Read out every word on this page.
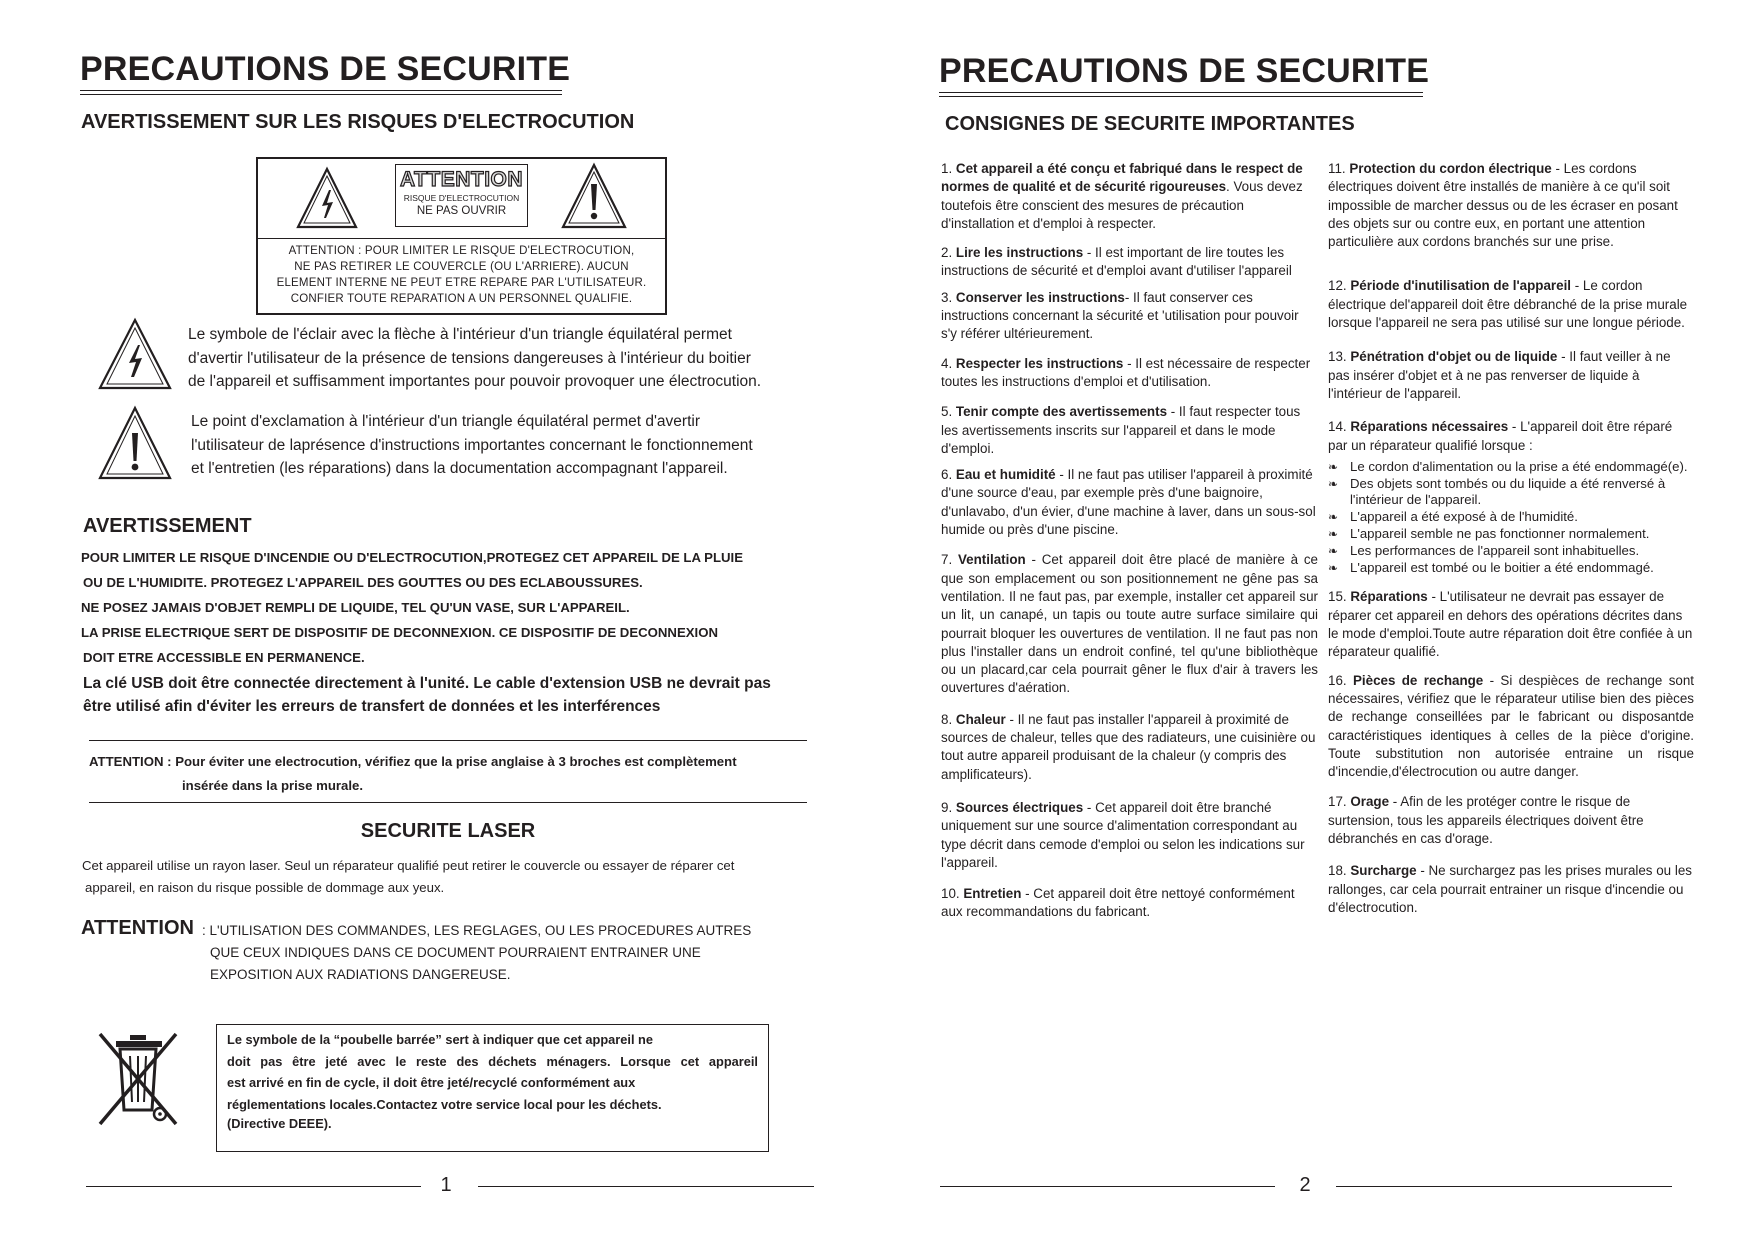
PRECAUTIONS DE SECURITE
AVERTISSEMENT SUR LES RISQUES D'ELECTROCUTION
ATTENTION
RISQUE D'ELECTROCUTION
NE PAS OUVRIR
ATTENTION : POUR LIMITER LE RISQUE D'ELECTROCUTION,
NE PAS RETIRER LE COUVERCLE (OU L'ARRIERE). AUCUN
ELEMENT INTERNE NE PEUT ETRE REPARE PAR L'UTILISATEUR.
CONFIER TOUTE REPARATION A UN PERSONNEL QUALIFIE.
Le symbole de l'éclair avec la flèche à l'intérieur d'un triangle équilatéral permet
d'avertir l'utilisateur de la présence de tensions dangereuses à l'intérieur du boitier
de l'appareil et suffisamment importantes pour pouvoir provoquer une électrocution.
Le point d'exclamation à l'intérieur d'un triangle équilatéral permet d'avertir
l'utilisateur de laprésence d'instructions importantes concernant le fonctionnement
et l'entretien (les réparations) dans la documentation accompagnant l'appareil.
AVERTISSEMENT
POUR LIMITER LE RISQUE D'INCENDIE OU D'ELECTROCUTION,PROTEGEZ CET APPAREIL DE LA PLUIE
OU DE L'HUMIDITE. PROTEGEZ L'APPAREIL DES GOUTTES OU DES ECLABOUSSURES.
NE POSEZ JAMAIS D'OBJET REMPLI DE LIQUIDE, TEL QU'UN VASE, SUR L'APPAREIL.
LA PRISE ELECTRIQUE SERT DE DISPOSITIF DE DECONNEXION. CE DISPOSITIF DE DECONNEXION
DOIT ETRE ACCESSIBLE EN PERMANENCE.
La clé USB doit être connectée directement à l'unité. Le cable d'extension USB ne devrait pas
être utilisé afin d'éviter les erreurs de transfert de données et les interférences
ATTENTION : Pour éviter une electrocution, vérifiez que la prise anglaise à 3 broches est complètement
insérée dans la prise murale.
SECURITE LASER
Cet appareil utilise un rayon laser. Seul un réparateur qualifié peut retirer le couvercle ou essayer de réparer cet
appareil, en raison du risque possible de dommage aux yeux.
ATTENTION : L'UTILISATION DES COMMANDES, LES REGLAGES, OU LES PROCEDURES AUTRES
QUE CEUX INDIQUES DANS CE DOCUMENT POURRAIENT ENTRAINER UNE
EXPOSITION AUX RADIATIONS DANGEREUSE.
Le symbole de la “poubelle barrée” sert à indiquer que cet appareil ne
doit pas être jeté avec le reste des déchets ménagers. Lorsque cet appareil
est arrivé en fin de cycle, il doit être jeté/recyclé conformément aux
réglementations locales.Contactez votre service local pour les déchets.
(Directive DEEE).
1
PRECAUTIONS DE SECURITE
CONSIGNES DE SECURITE IMPORTANTES
1. Cet appareil a été conçu et fabriqué dans le respect de normes de qualité et de sécurité rigoureuses. Vous devez toutefois être conscient des mesures de précaution d'installation et d'emploi à respecter.
2. Lire les instructions - Il est important de lire toutes les instructions de sécurité et d'emploi avant d'utiliser l'appareil
3. Conserver les instructions- Il faut conserver ces instructions concernant la sécurité et 'utilisation pour pouvoir s'y référer ultérieurement.
4. Respecter les instructions - Il est nécessaire de respecter toutes les instructions d'emploi et d'utilisation.
5. Tenir compte des avertissements - Il faut respecter tous les avertissements inscrits sur l'appareil et dans le mode d'emploi.
6. Eau et humidité - Il ne faut pas utiliser l'appareil à proximité d'une source d'eau, par exemple près d'une baignoire, d'unlavabo, d'un évier, d'une machine à laver, dans un sous-sol humide ou près d'une piscine.
7. Ventilation - Cet appareil doit être placé de manière à ce que son emplacement ou son positionnement ne gêne pas sa ventilation. Il ne faut pas, par exemple, installer cet appareil sur un lit, un canapé, un tapis ou toute autre surface similaire qui pourrait bloquer les ouvertures de ventilation. Il ne faut pas non plus l'installer dans un endroit confiné, tel qu'une bibliothèque ou un placard,car cela pourrait gêner le flux d'air à travers les ouvertures d'aération.
8. Chaleur - Il ne faut pas installer l'appareil à proximité de sources de chaleur, telles que des radiateurs, une cuisinière ou tout autre appareil produisant de la chaleur (y compris des amplificateurs).
9. Sources électriques - Cet appareil doit être branché uniquement sur une source d'alimentation correspondant au type décrit dans cemode d'emploi ou selon les indications sur l'appareil.
10. Entretien - Cet appareil doit être nettoyé conformément aux recommandations du fabricant.
11. Protection du cordon électrique - Les cordons électriques doivent être installés de manière à ce qu'il soit impossible de marcher dessus ou de les écraser en posant des objets sur ou contre eux, en portant une attention particulière aux cordons branchés sur une prise.
12. Période d'inutilisation de l'appareil - Le cordon électrique del'appareil doit être débranché de la prise murale lorsque l'appareil ne sera pas utilisé sur une longue période.
13. Pénétration d'objet ou de liquide - Il faut veiller à ne pas insérer d'objet et à ne pas renverser de liquide à l'intérieur de l'appareil.
14. Réparations nécessaires - L'appareil doit être réparé par un réparateur qualifié lorsque :
❧ Le cordon d'alimentation ou la prise a été endommagé(e).
❧ Des objets sont tombés ou du liquide a été renversé à l'intérieur de l'appareil.
❧ L'appareil a été exposé à de l'humidité.
❧ L'appareil semble ne pas fonctionner normalement.
❧ Les performances de l'appareil sont inhabituelles.
❧ L'appareil est tombé ou le boitier a été endommagé.
15. Réparations - L'utilisateur ne devrait pas essayer de réparer cet appareil en dehors des opérations décrites dans le mode d'emploi.Toute autre réparation doit être confiée à un réparateur qualifié.
16. Pièces de rechange - Si despièces de rechange sont nécessaires, vérifiez que le réparateur utilise bien des pièces de rechange conseillées par le fabricant ou disposantde caractéristiques identiques à celles de la pièce d'origine. Toute substitution non autorisée entraine un risque d'incendie,d'électrocution ou autre danger.
17. Orage - Afin de les protéger contre le risque de surtension, tous les appareils électriques doivent être débranchés en cas d'orage.
18. Surcharge - Ne surchargez pas les prises murales ou les rallonges, car cela pourrait entrainer un risque d'incendie ou d'électrocution.
2
